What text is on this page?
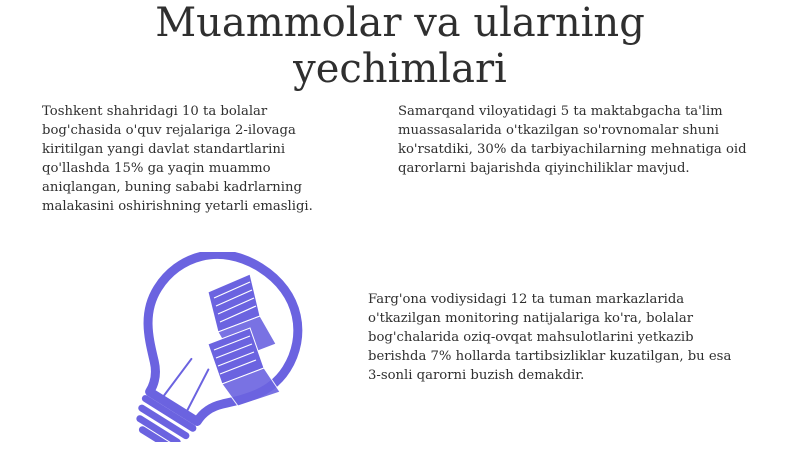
Muammolar va ularning
yechimlari

Toshkent shahridagi 10 ta bolalar bog'chasida o'quv rejalariga 2-ilovaga kiritilgan yangi davlat standartlarini qo'llashda 15% ga yaqin muammo aniqlangan, buning sababi kadrlarning malakasini oshirishning yetarli emasligi.

Samarqand viloyatidagi 5 ta maktabgacha ta'lim muassasalarida o'tkazilgan so'rovnomalar shuni ko'rsatdiki, 30% da tarbiyachilarning mehnatiga oid qarorlarni bajarishda qiyinchiliklar mavjud.

Farg'ona vodiysidagi 12 ta tuman markazlarida o'tkazilgan monitoring natijalariga ko'ra, bolalar bog'chalarida oziq-ovqat mahsulotlarini yetkazib berishda 7% hollarda tartibsizliklar kuzatilgan, bu esa 3-sonli qarorni buzish demakdir.
